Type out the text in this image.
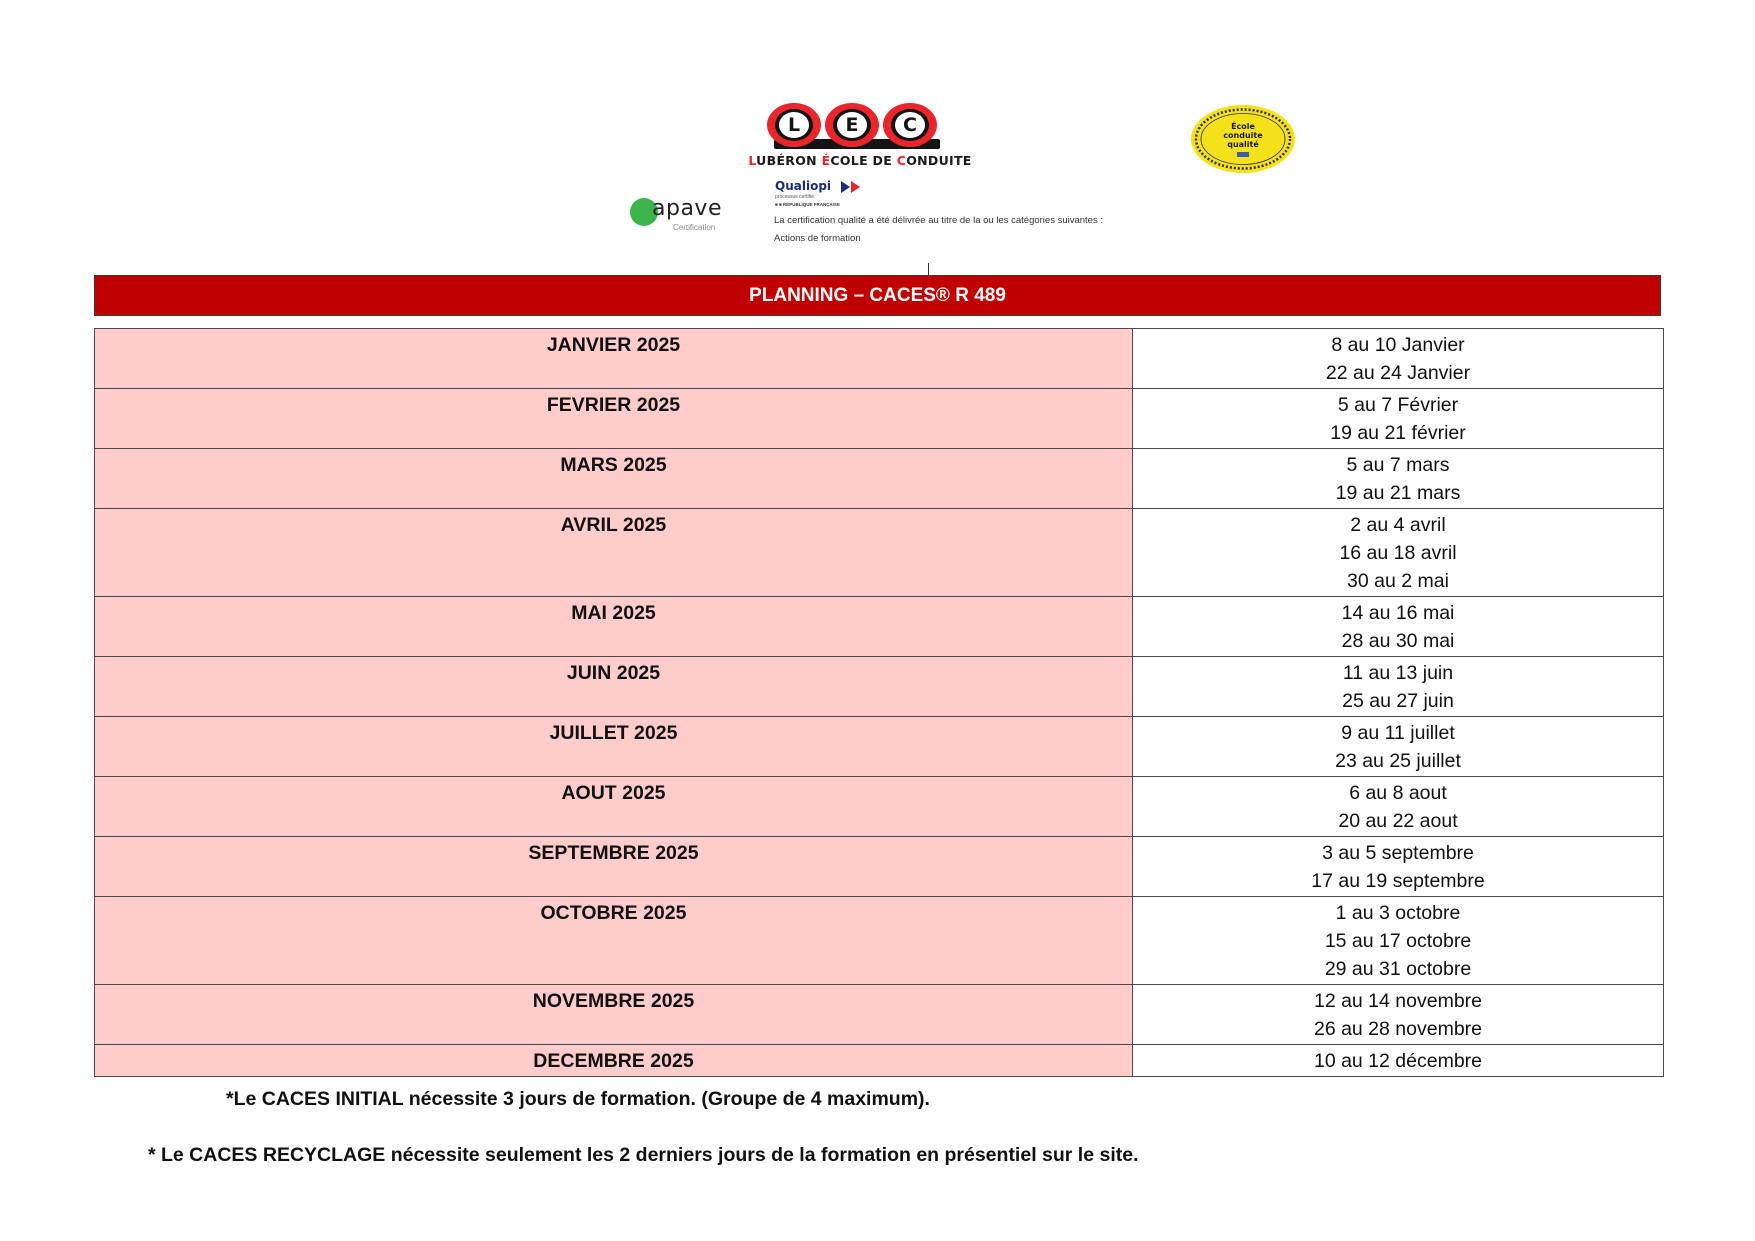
L	E	C
LUBÉRON ÉCOLE DE CONDUITE
École
conduite
qualité
apave
Certification
Qualiopi
processus certifié
■ ■ RÉPUBLIQUE FRANÇAISE
La certification qualité a été délivrée au titre de la ou les catégories suivantes :
Actions de formation
PLANNING – CACES® R 489
JANVIER 2025	8 au 10 Janvier
22 au 24 Janvier

FEVRIER 2025	5 au 7 Février
19 au 21 février

MARS 2025	5 au 7 mars
19 au 21 mars

AVRIL 2025	2 au 4 avril
16 au 18 avril
30 au 2 mai

MAI 2025	14 au 16 mai
28 au 30 mai

JUIN 2025	11 au 13 juin
25 au 27 juin

JUILLET 2025	9 au 11 juillet
23 au 25 juillet

AOUT 2025	6 au 8 aout
20 au 22 aout

SEPTEMBRE 2025	3 au 5 septembre
17 au 19 septembre

OCTOBRE 2025	1 au 3 octobre
15 au 17 octobre
29 au 31 octobre

NOVEMBRE 2025	12 au 14 novembre
26 au 28 novembre

DECEMBRE 2025	10 au 12 décembre
*Le CACES INITIAL nécessite 3 jours de formation. (Groupe de 4 maximum).
* Le CACES RECYCLAGE nécessite seulement les 2 derniers jours de la formation en présentiel sur le site.
